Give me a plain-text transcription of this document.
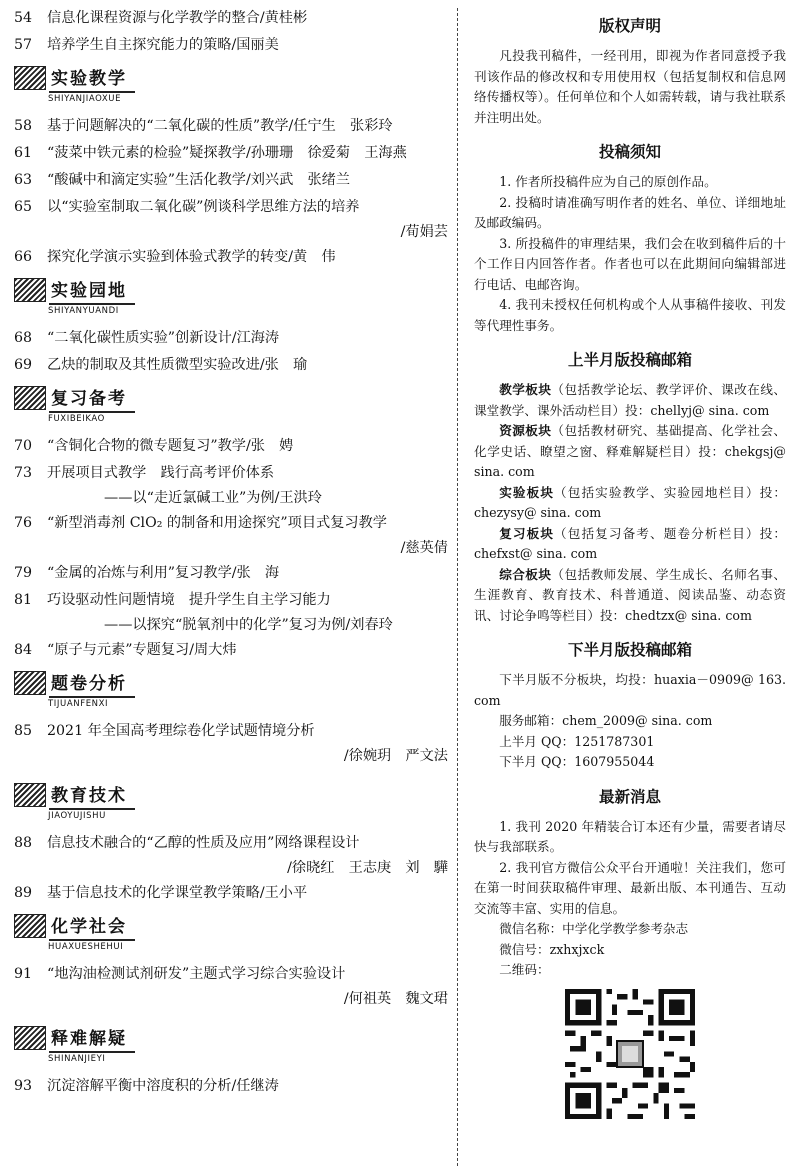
54 信息化课程资源与化学教学的整合/黄桂彬
57 培养学生自主探究能力的策略/国丽美
实验教学
SHIYANJIAOXUE
58 基于问题解决的“二氧化碳的性质”教学/任宁生　张彩玲
61 “菠菜中铁元素的检验”疑探教学/孙珊珊　徐爱菊　王海燕
63 “酸碱中和滴定实验”生活化教学/刘兴武　张绪兰
65 以“实验室制取二氧化碳”例谈科学思维方法的培养
/荀娟芸
66 探究化学演示实验到体验式教学的转变/黄　伟
实验园地
SHIYANYUANDI
68 “二氧化碳性质实验”创新设计/江海涛
69 乙炔的制取及其性质微型实验改进/张　瑜
复习备考
FUXIBEIKAO
70 “含铜化合物的微专题复习”教学/张　娉
73 开展项目式教学　践行高考评价体系
——以“走近氯碱工业”为例/王洪玲
76 “新型消毒剂 ClO₂ 的制备和用途探究”项目式复习教学
/慈英倩
79 “金属的冶炼与利用”复习教学/张　海
81 巧设驱动性问题情境　提升学生自主学习能力
——以探究“脱氧剂中的化学”复习为例/刘春玲
84 “原子与元素”专题复习/周大炜
题卷分析
TIJUANFENXI
85 2021 年全国高考理综卷化学试题情境分析
/徐婉玥　严文法
教育技术
JIAOYUJISHU
88 信息技术融合的“乙醇的性质及应用”网络课程设计
/徐晓红　王志庚　刘　驊
89 基于信息技术的化学课堂教学策略/王小平
化学社会
HUAXUESHEHUI
91 “地沟油检测试剂研发”主题式学习综合实验设计
/何祖英　魏文珺
释难解疑
SHINANJIEYI
93 沉淀溶解平衡中溶度积的分析/任继涛
版权声明

凡投我刊稿件，一经刊用，即视为作者同意授予我刊该作品的修改权和专用使用权（包括复制权和信息网络传播权等）。任何单位和个人如需转载，请与我社联系并注明出处。

投稿须知

1. 作者所投稿件应为自己的原创作品。

2. 投稿时请准确写明作者的姓名、单位、详细地址及邮政编码。

3. 所投稿件的审理结果，我们会在收到稿件后的十个工作日内回答作者。作者也可以在此期间向编辑部进行电话、电邮咨询。

4. 我刊未授权任何机构或个人从事稿件接收、刊发等代理性事务。

上半月版投稿邮箱

教学板块（包括教学论坛、教学评价、课改在线、课堂教学、课外活动栏目）投：chellyj@ sina. com

资源板块（包括教材研究、基础提高、化学社会、化学史话、瞭望之窗、释难解疑栏目）投：chekgsj@ sina. com

实验板块（包括实验教学、实验园地栏目）投：chezysy@ sina. com

复习板块（包括复习备考、题卷分析栏目）投：chefxst@ sina. com

综合板块（包括教师发展、学生成长、名师名事、生涯教育、教育技术、科普通道、阅读品鉴、动态资讯、讨论争鸣等栏目）投：chedtzx@ sina. com

下半月版投稿邮箱

下半月版不分板块，均投：huaxia－0909@ 163. com

服务邮箱：chem_2009@ sina. com

上半月 QQ：1251787301

下半月 QQ：1607955044

最新消息

1. 我刊 2020 年精装合订本还有少量，需要者请尽快与我部联系。

2. 我刊官方微信公众平台开通啦！关注我们，您可在第一时间获取稿件审理、最新出版、本刊通告、互动交流等丰富、实用的信息。

微信名称：中学化学教学参考杂志

微信号：zxhxjxck

二维码：
